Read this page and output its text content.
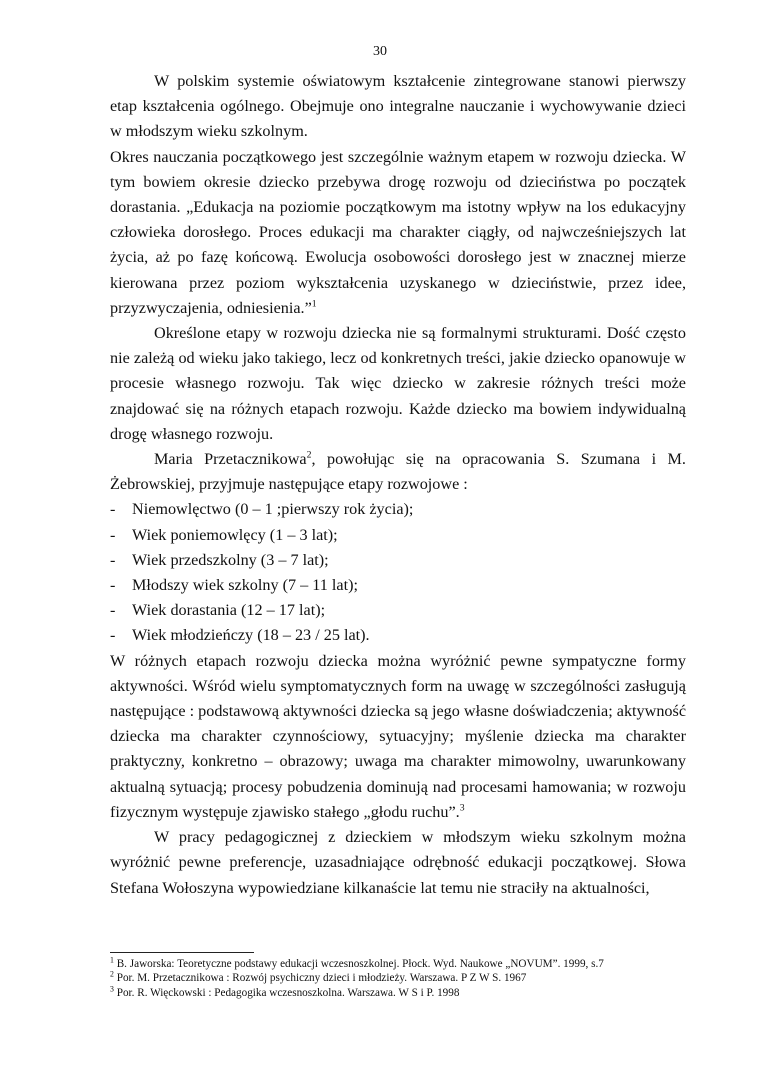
30

W polskim systemie oświatowym kształcenie zintegrowane stanowi pierwszy etap kształcenia ogólnego. Obejmuje ono integralne nauczanie i wychowywanie dzieci w młodszym wieku szkolnym.

Okres nauczania początkowego jest szczególnie ważnym etapem w rozwoju dziecka. W tym bowiem okresie dziecko przebywa drogę rozwoju od dzieciństwa po początek dorastania. „Edukacja na poziomie początkowym ma istotny wpływ na los edukacyjny człowieka dorosłego. Proces edukacji ma charakter ciągły, od najwcześniejszych lat życia, aż po fazę końcową. Ewolucja osobowości dorosłego jest w znacznej mierze kierowana przez poziom wykształcenia uzyskanego w dzieciństwie, przez idee, przyzwyczajenia, odniesienia.”$^1$

Określone etapy w rozwoju dziecka nie są formalnymi strukturami. Dość często nie zależą od wieku jako takiego, lecz od konkretnych treści, jakie dziecko opanowuje w procesie własnego rozwoju. Tak więc dziecko w zakresie różnych treści może znajdować się na różnych etapach rozwoju. Każde dziecko ma bowiem indywidualną drogę własnego rozwoju.

Maria Przetacznikowa$^2$, powołując się na opracowania S. Szumana i M. Żebrowskiej, przyjmuje następujące etapy rozwojowe :

-	Niemowlęctwo (0 – 1 ;pierwszy rok życia);
-	Wiek poniemowlęcy (1 – 3 lat);
-	Wiek przedszkolny (3 – 7 lat);
-	Młodszy wiek szkolny (7 – 11 lat);
-	Wiek dorastania (12 – 17 lat);
-	Wiek młodzieńczy (18 – 23 / 25 lat).

W różnych etapach rozwoju dziecka można wyróżnić pewne sympatyczne formy aktywności. Wśród wielu symptomatycznych form na uwagę w szczególności zasługują następujące : podstawową aktywności dziecka są jego własne doświadczenia; aktywność dziecka ma charakter czynnościowy, sytuacyjny; myślenie dziecka ma charakter praktyczny, konkretno – obrazowy; uwaga ma charakter mimowolny, uwarunkowany aktualną sytuacją; procesy pobudzenia dominują nad procesami hamowania; w rozwoju fizycznym występuje zjawisko stałego „głodu ruchu”.$^3$

W pracy pedagogicznej z dzieckiem w młodszym wieku szkolnym można wyróżnić pewne preferencje, uzasadniające odrębność edukacji początkowej. Słowa Stefana Wołoszyna wypowiedziane kilkanaście lat temu nie straciły na aktualności,

$^1$ B. Jaworska: Teoretyczne podstawy edukacji wczesnoszkolnej. Płock. Wyd. Naukowe „NOVUM”. 1999, s.7
$^2$ Por. M. Przetacznikowa : Rozwój psychiczny dzieci i młodzieży. Warszawa. P Z W S. 1967
$^3$ Por. R. Więckowski : Pedagogika wczesnoszkolna. Warszawa. W S i P. 1998
